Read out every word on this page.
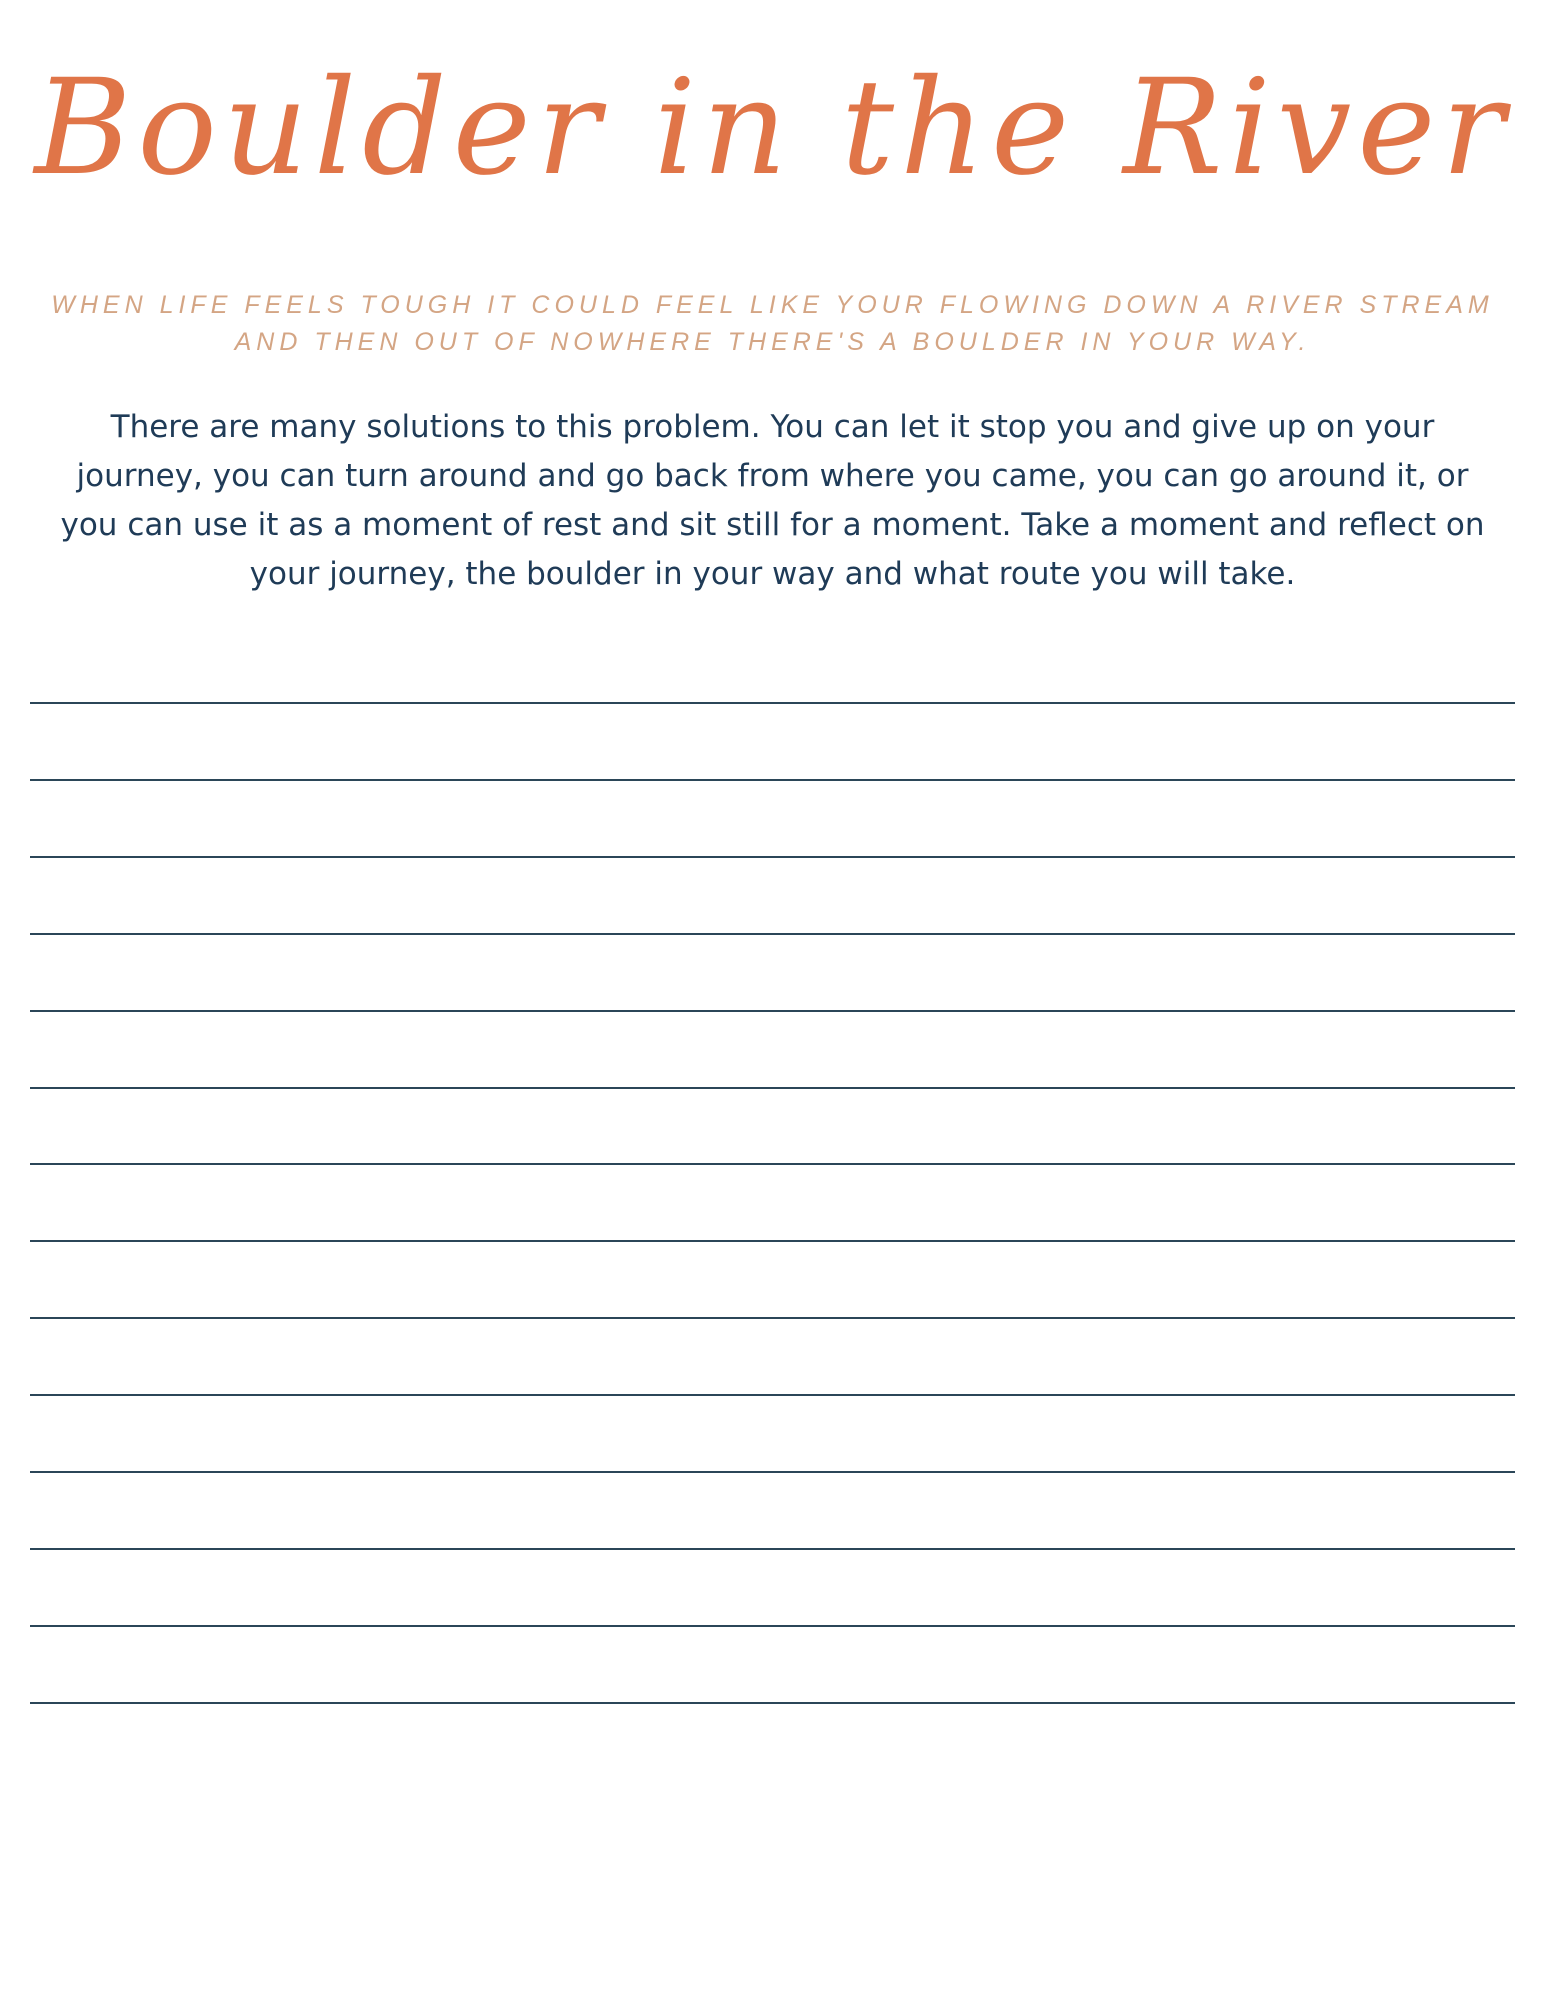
Boulder in the River
WHEN LIFE FEELS TOUGH IT COULD FEEL LIKE YOUR FLOWING DOWN A RIVER STREAM AND THEN OUT OF NOWHERE THERE'S A BOULDER IN YOUR WAY.
There are many solutions to this problem. You can let it stop you and give up on your journey, you can turn around and go back from where you came, you can go around it, or you can use it as a moment of rest and sit still for a moment. Take a moment and reflect on your journey, the boulder in your way and what route you will take.
